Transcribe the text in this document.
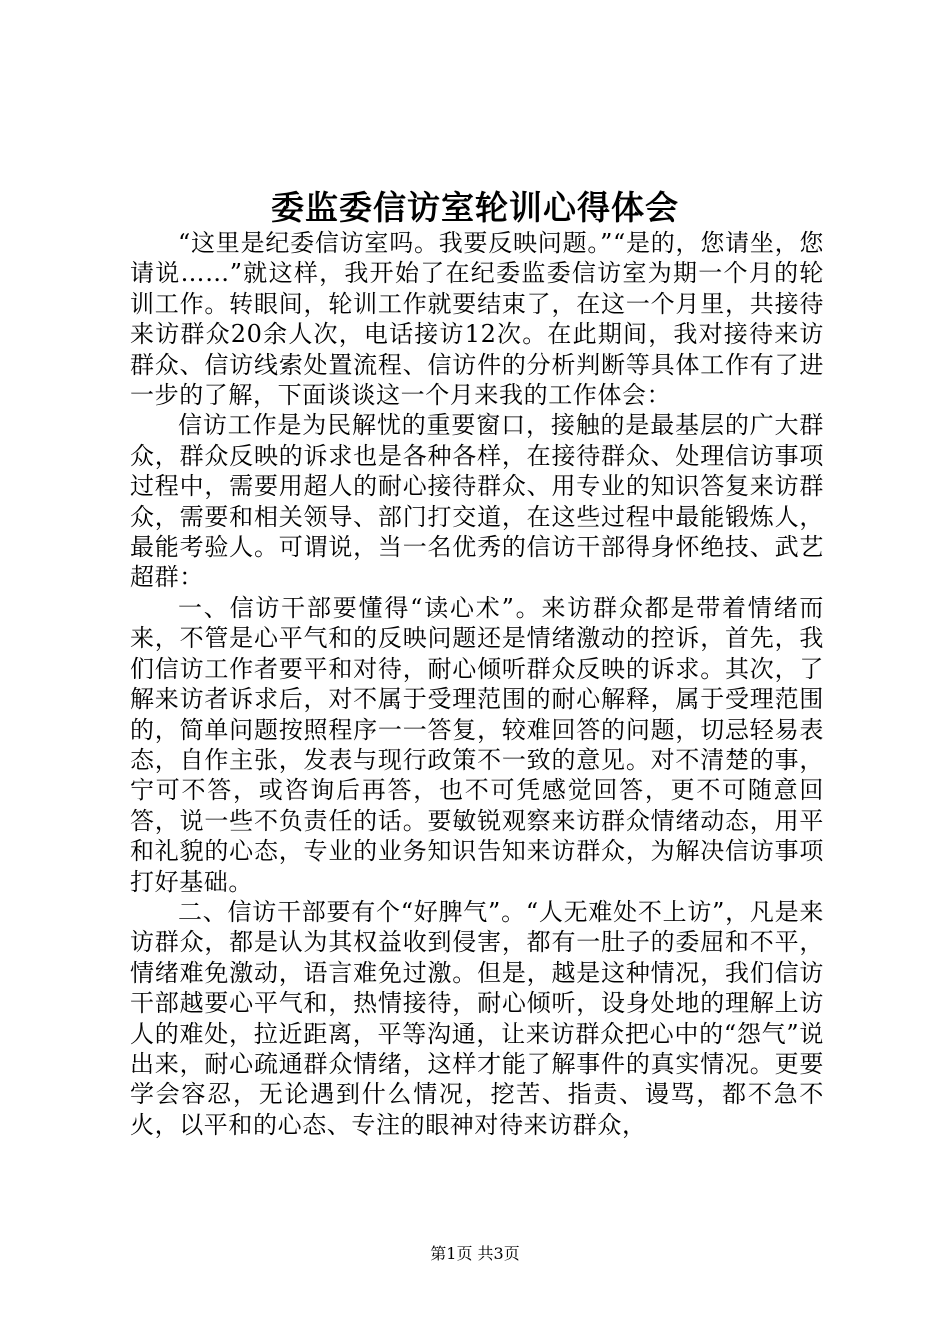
委监委信访室轮训心得体会

“这里是纪委信访室吗。我要反映问题。”“是的，您请坐，您请说……”就这样，我开始了在纪委监委信访室为期一个月的轮训工作。转眼间，轮训工作就要结束了，在这一个月里，共接待来访群众20余人次，电话接访12次。在此期间，我对接待来访群众、信访线索处置流程、信访件的分析判断等具体工作有了进一步的了解，下面谈谈这一个月来我的工作体会：

信访工作是为民解忧的重要窗口，接触的是最基层的广大群众，群众反映的诉求也是各种各样，在接待群众、处理信访事项过程中，需要用超人的耐心接待群众、用专业的知识答复来访群众，需要和相关领导、部门打交道，在这些过程中最能锻炼人，最能考验人。可谓说，当一名优秀的信访干部得身怀绝技、武艺超群：

一、信访干部要懂得“读心术”。来访群众都是带着情绪而来，不管是心平气和的反映问题还是情绪激动的控诉，首先，我们信访工作者要平和对待，耐心倾听群众反映的诉求。其次，了解来访者诉求后，对不属于受理范围的耐心解释，属于受理范围的，简单问题按照程序一一答复，较难回答的问题，切忌轻易表态，自作主张，发表与现行政策不一致的意见。对不清楚的事，宁可不答，或咨询后再答，也不可凭感觉回答，更不可随意回答，说一些不负责任的话。要敏锐观察来访群众情绪动态，用平和礼貌的心态，专业的业务知识告知来访群众，为解决信访事项打好基础。

二、信访干部要有个“好脾气”。“人无难处不上访”，凡是来访群众，都是认为其权益收到侵害，都有一肚子的委屈和不平，情绪难免激动，语言难免过激。但是，越是这种情况，我们信访干部越要心平气和，热情接待，耐心倾听，设身处地的理解上访人的难处，拉近距离，平等沟通，让来访群众把心中的“怨气”说出来，耐心疏通群众情绪，这样才能了解事件的真实情况。更要学会容忍，无论遇到什么情况，挖苦、指责、谩骂，都不急不火，以平和的心态、专注的眼神对待来访群众，

第1页 共3页
